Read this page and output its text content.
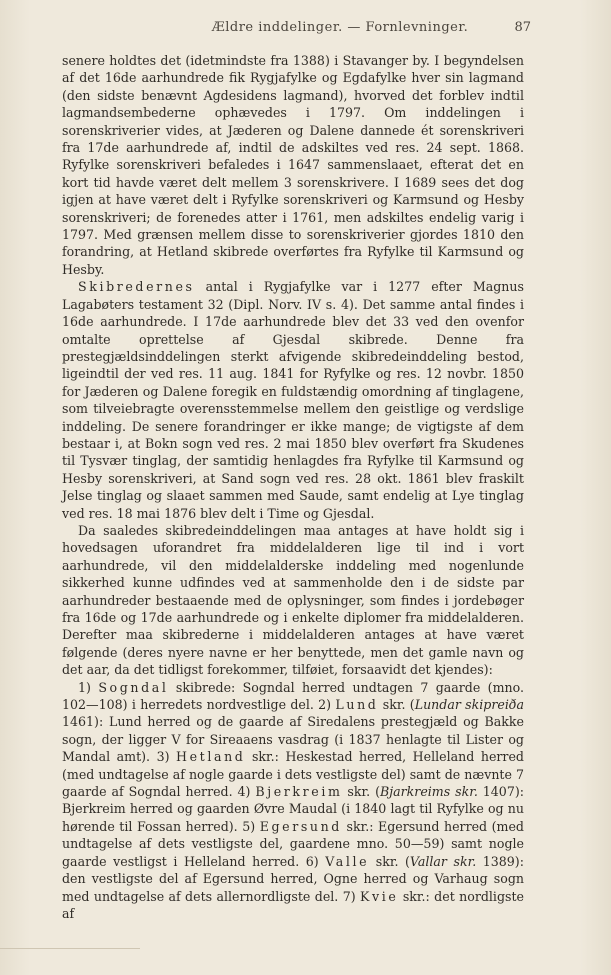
Ældre inddelinger. — Fornlevninger.	87

senere holdtes det (idetmindste fra 1388) i Stavanger by. I begyndelsen af det 16de aarhundrede fik Rygjafylke og Egdafylke hver sin lagmand (den sidste benævnt Agdesidens lagmand), hvorved det forblev indtil lagmandsembederne ophævedes i 1797. Om inddelingen i sorenskriverier vides, at Jæderen og Dalene dannede ét sorenskriveri fra 17de aarhundrede af, indtil de adskiltes ved res. 24 sept. 1868. Ryfylke sorenskriveri befaledes i 1647 sammenslaaet, efterat det en kort tid havde været delt mellem 3 sorenskrivere. I 1689 sees det dog igjen at have været delt i Ryfylke sorenskriveri og Karmsund og Hesby sorenskriveri; de forenedes atter i 1761, men adskiltes endelig varig i 1797. Med grænsen mellem disse to sorenskriverier gjordes 1810 den forandring, at Hetland skibrede overførtes fra Ryfylke til Karmsund og Hesby.

Skibredernes antal i Rygjafylke var i 1277 efter Magnus Lagabøters testament 32 (Dipl. Norv. IV s. 4). Det samme antal findes i 16de aarhundrede. I 17de aarhundrede blev det 33 ved den ovenfor omtalte oprettelse af Gjesdal skibrede. Denne fra prestegjældsinddelingen sterkt afvigende skibredeinddeling bestod, ligeindtil der ved res. 11 aug. 1841 for Ryfylke og res. 12 novbr. 1850 for Jæderen og Dalene foregik en fuldstændig omordning af tinglagene, som tilveiebragte overensstemmelse mellem den geistlige og verdslige inddeling. De senere forandringer er ikke mange; de vigtigste af dem bestaar i, at Bokn sogn ved res. 2 mai 1850 blev overført fra Skudenes til Tysvær tinglag, der samtidig henlagdes fra Ryfylke til Karmsund og Hesby sorenskriveri, at Sand sogn ved res. 28 okt. 1861 blev fraskilt Jelse tinglag og slaaet sammen med Saude, samt endelig at Lye tinglag ved res. 18 mai 1876 blev delt i Time og Gjesdal.

Da saaledes skibredeinddelingen maa antages at have holdt sig i hovedsagen uforandret fra middelalderen lige til ind i vort aarhundrede, vil den middelalderske inddeling med nogenlunde sikkerhed kunne udfindes ved at sammenholde den i de sidste par aarhundreder bestaaende med de oplysninger, som findes i jordebøger fra 16de og 17de aarhundrede og i enkelte diplomer fra middelalderen. Derefter maa skibrederne i middelalderen antages at have været følgende (deres nyere navne er her benyttede, men det gamle navn og det aar, da det tidligst forekommer, tilføiet, forsaavidt det kjendes):

1) Sogndal skibrede: Sogndal herred undtagen 7 gaarde (mno. 102—108) i herredets nordvestlige del. 2) Lund skr. (Lundar skipreiða 1461): Lund herred og de gaarde af Siredalens prestegjæld og Bakke sogn, der ligger V for Sireaaens vasdrag (i 1837 henlagte til Lister og Mandal amt). 3) Hetland skr.: Heskestad herred, Helleland herred (med undtagelse af nogle gaarde i dets vestligste del) samt de nævnte 7 gaarde af Sogndal herred. 4) Bjerkreim skr. (Bjarkreims skr. 1407): Bjerkreim herred og gaarden Øvre Maudal (i 1840 lagt til Ryfylke og nu hørende til Fossan herred). 5) Egersund skr.: Egersund herred (med undtagelse af dets vestligste del, gaardene mno. 50—59) samt nogle gaarde vestligst i Helleland herred. 6) Valle skr. (Vallar skr. 1389): den vestligste del af Egersund herred, Ogne herred og Varhaug sogn med undtagelse af dets allernordligste del. 7) Kvie skr.: det nordligste af
